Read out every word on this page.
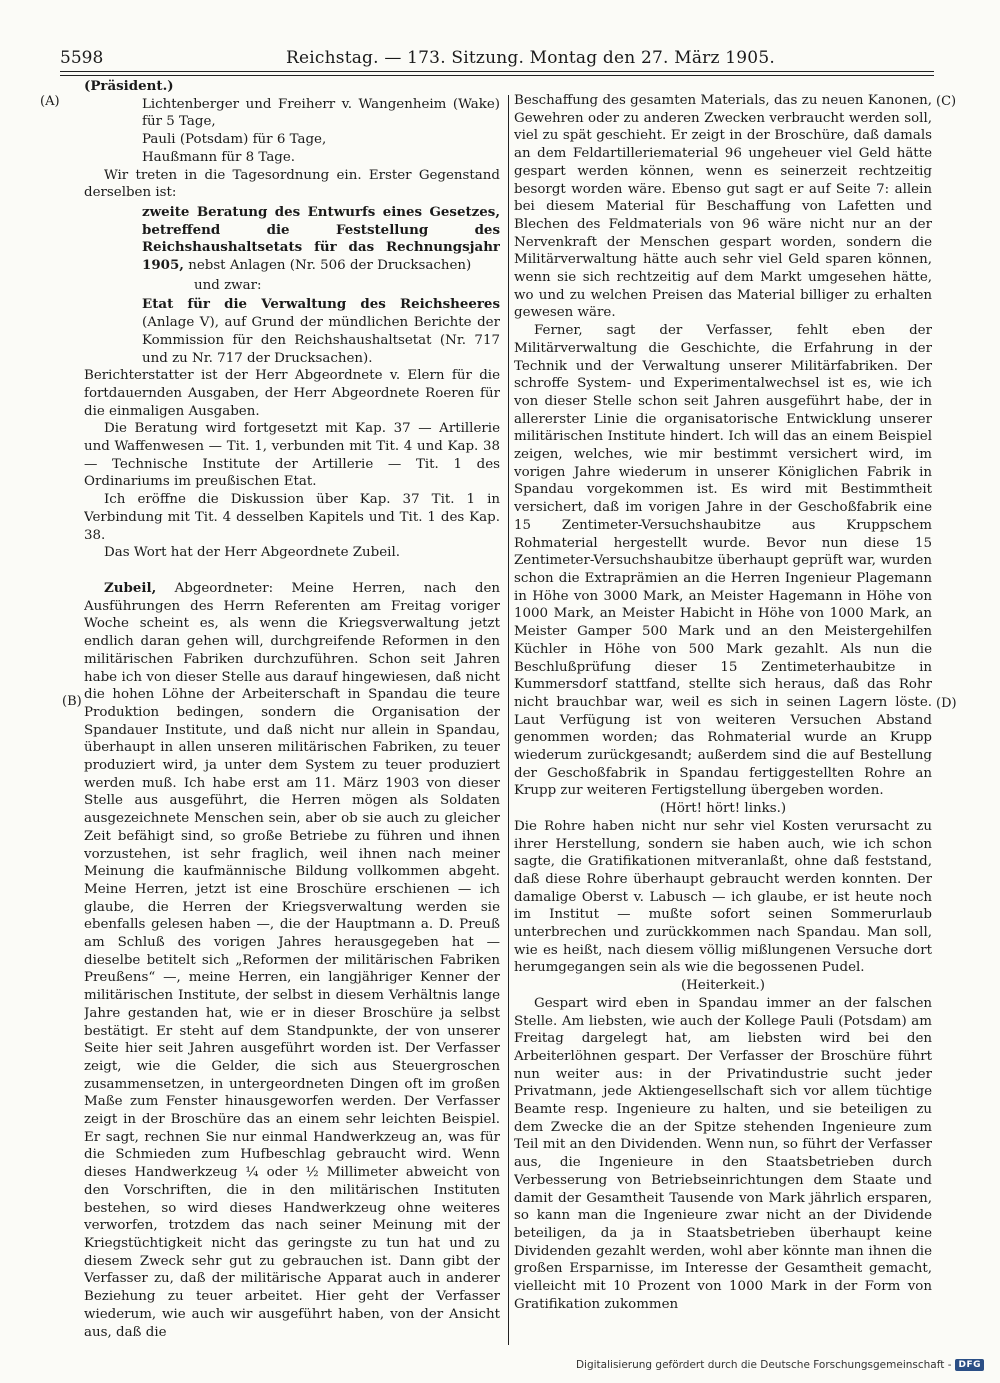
5598	Reichstag. — 173. Sitzung. Montag den 27. März 1905.
(A)
(B)
(C)
(D)

(Präsident.)

Lichtenberger und Freiherr v. Wangenheim (Wake) für 5 Tage,

Pauli (Potsdam) für 6 Tage,

Haußmann für 8 Tage.

Wir treten in die Tagesordnung ein. Erster Gegenstand derselben ist:

zweite Beratung des Entwurfs eines Gesetzes, betreffend die Feststellung des Reichshaushaltsetats für das Rechnungsjahr 1905, nebst Anlagen (Nr. 506 der Drucksachen)

und zwar:

Etat für die Verwaltung des Reichsheeres (Anlage V), auf Grund der mündlichen Berichte der Kommission für den Reichshaushaltsetat (Nr. 717 und zu Nr. 717 der Drucksachen).

Berichterstatter ist der Herr Abgeordnete v. Elern für die fortdauernden Ausgaben, der Herr Abgeordnete Roeren für die einmaligen Ausgaben.

Die Beratung wird fortgesetzt mit Kap. 37 — Artillerie und Waffenwesen — Tit. 1, verbunden mit Tit. 4 und Kap. 38 — Technische Institute der Artillerie — Tit. 1 des Ordinariums im preußischen Etat.

Ich eröffne die Diskussion über Kap. 37 Tit. 1 in Verbindung mit Tit. 4 desselben Kapitels und Tit. 1 des Kap. 38.

Das Wort hat der Herr Abgeordnete Zubeil.

Zubeil, Abgeordneter: Meine Herren, nach den Ausführungen des Herrn Referenten am Freitag voriger Woche scheint es, als wenn die Kriegsverwaltung jetzt endlich daran gehen will, durchgreifende Reformen in den militärischen Fabriken durchzuführen. Schon seit Jahren habe ich von dieser Stelle aus darauf hingewiesen, daß nicht die hohen Löhne der Arbeiterschaft in Spandau die teure Produktion bedingen, sondern die Organisation der Spandauer Institute, und daß nicht nur allein in Spandau, überhaupt in allen unseren militärischen Fabriken, zu teuer produziert wird, ja unter dem System zu teuer produziert werden muß. Ich habe erst am 11. März 1903 von dieser Stelle aus ausgeführt, die Herren mögen als Soldaten ausgezeichnete Menschen sein, aber ob sie auch zu gleicher Zeit befähigt sind, so große Betriebe zu führen und ihnen vorzustehen, ist sehr fraglich, weil ihnen nach meiner Meinung die kaufmännische Bildung vollkommen abgeht. Meine Herren, jetzt ist eine Broschüre erschienen — ich glaube, die Herren der Kriegsverwaltung werden sie ebenfalls gelesen haben —, die der Hauptmann a. D. Preuß am Schluß des vorigen Jahres herausgegeben hat — dieselbe betitelt sich „Reformen der militärischen Fabriken Preußens“ —, meine Herren, ein langjähriger Kenner der militärischen Institute, der selbst in diesem Verhältnis lange Jahre gestanden hat, wie er in dieser Broschüre ja selbst bestätigt. Er steht auf dem Standpunkte, der von unserer Seite hier seit Jahren ausgeführt worden ist. Der Verfasser zeigt, wie die Gelder, die sich aus Steuergroschen zusammensetzen, in untergeordneten Dingen oft im großen Maße zum Fenster hinausgeworfen werden. Der Verfasser zeigt in der Broschüre das an einem sehr leichten Beispiel. Er sagt, rechnen Sie nur einmal Handwerkzeug an, was für die Schmieden zum Hufbeschlag gebraucht wird. Wenn dieses Handwerkzeug ¼ oder ½ Millimeter abweicht von den Vorschriften, die in den militärischen Instituten bestehen, so wird dieses Handwerkzeug ohne weiteres verworfen, trotzdem das nach seiner Meinung mit der Kriegstüchtigkeit nicht das geringste zu tun hat und zu diesem Zweck sehr gut zu gebrauchen ist. Dann gibt der Verfasser zu, daß der militärische Apparat auch in anderer Beziehung zu teuer arbeitet. Hier geht der Verfasser wiederum, wie auch wir ausgeführt haben, von der Ansicht aus, daß die

Beschaffung des gesamten Materials, das zu neuen Kanonen, Gewehren oder zu anderen Zwecken verbraucht werden soll, viel zu spät geschieht. Er zeigt in der Broschüre, daß damals an dem Feldartilleriematerial 96 ungeheuer viel Geld hätte gespart werden können, wenn es seinerzeit rechtzeitig besorgt worden wäre. Ebenso gut sagt er auf Seite 7: allein bei diesem Material für Beschaffung von Lafetten und Blechen des Feldmaterials von 96 wäre nicht nur an der Nervenkraft der Menschen gespart worden, sondern die Militärverwaltung hätte auch sehr viel Geld sparen können, wenn sie sich rechtzeitig auf dem Markt umgesehen hätte, wo und zu welchen Preisen das Material billiger zu erhalten gewesen wäre.

Ferner, sagt der Verfasser, fehlt eben der Militärverwaltung die Geschichte, die Erfahrung in der Technik und der Verwaltung unserer Militärfabriken. Der schroffe System- und Experimentalwechsel ist es, wie ich von dieser Stelle schon seit Jahren ausgeführt habe, der in allererster Linie die organisatorische Entwicklung unserer militärischen Institute hindert. Ich will das an einem Beispiel zeigen, welches, wie mir bestimmt versichert wird, im vorigen Jahre wiederum in unserer Königlichen Fabrik in Spandau vorgekommen ist. Es wird mit Bestimmtheit versichert, daß im vorigen Jahre in der Geschoßfabrik eine 15 Zentimeter-Versuchshaubitze aus Kruppschem Rohmaterial hergestellt wurde. Bevor nun diese 15 Zentimeter-Versuchshaubitze überhaupt geprüft war, wurden schon die Extraprämien an die Herren Ingenieur Plagemann in Höhe von 3000 Mark, an Meister Hagemann in Höhe von 1000 Mark, an Meister Habicht in Höhe von 1000 Mark, an Meister Gamper 500 Mark und an den Meistergehilfen Küchler in Höhe von 500 Mark gezahlt. Als nun die Beschlußprüfung dieser 15 Zentimeterhaubitze in Kummersdorf stattfand, stellte sich heraus, daß das Rohr nicht brauchbar war, weil es sich in seinen Lagern löste. Laut Verfügung ist von weiteren Versuchen Abstand genommen worden; das Rohmaterial wurde an Krupp wiederum zurückgesandt; außerdem sind die auf Bestellung der Geschoßfabrik in Spandau fertiggestellten Rohre an Krupp zur weiteren Fertigstellung übergeben worden.

(Hört! hört! links.)

Die Rohre haben nicht nur sehr viel Kosten verursacht zu ihrer Herstellung, sondern sie haben auch, wie ich schon sagte, die Gratifikationen mitveranlaßt, ohne daß feststand, daß diese Rohre überhaupt gebraucht werden konnten. Der damalige Oberst v. Labusch — ich glaube, er ist heute noch im Institut — mußte sofort seinen Sommerurlaub unterbrechen und zurückkommen nach Spandau. Man soll, wie es heißt, nach diesem völlig mißlungenen Versuche dort herumgegangen sein als wie die begossenen Pudel.

(Heiterkeit.)

Gespart wird eben in Spandau immer an der falschen Stelle. Am liebsten, wie auch der Kollege Pauli (Potsdam) am Freitag dargelegt hat, am liebsten wird bei den Arbeiterlöhnen gespart. Der Verfasser der Broschüre führt nun weiter aus: in der Privatindustrie sucht jeder Privatmann, jede Aktiengesellschaft sich vor allem tüchtige Beamte resp. Ingenieure zu halten, und sie beteiligen zu dem Zwecke die an der Spitze stehenden Ingenieure zum Teil mit an den Dividenden. Wenn nun, so führt der Verfasser aus, die Ingenieure in den Staatsbetrieben durch Verbesserung von Betriebseinrichtungen dem Staate und damit der Gesamtheit Tausende von Mark jährlich ersparen, so kann man die Ingenieure zwar nicht an der Dividende beteiligen, da ja in Staatsbetrieben überhaupt keine Dividenden gezahlt werden, wohl aber könnte man ihnen die großen Ersparnisse, im Interesse der Gesamtheit gemacht, vielleicht mit 10 Prozent von 1000 Mark in der Form von Gratifikation zukommen

Digitalisierung gefördert durch die Deutsche Forschungsgemeinschaft - DFG
